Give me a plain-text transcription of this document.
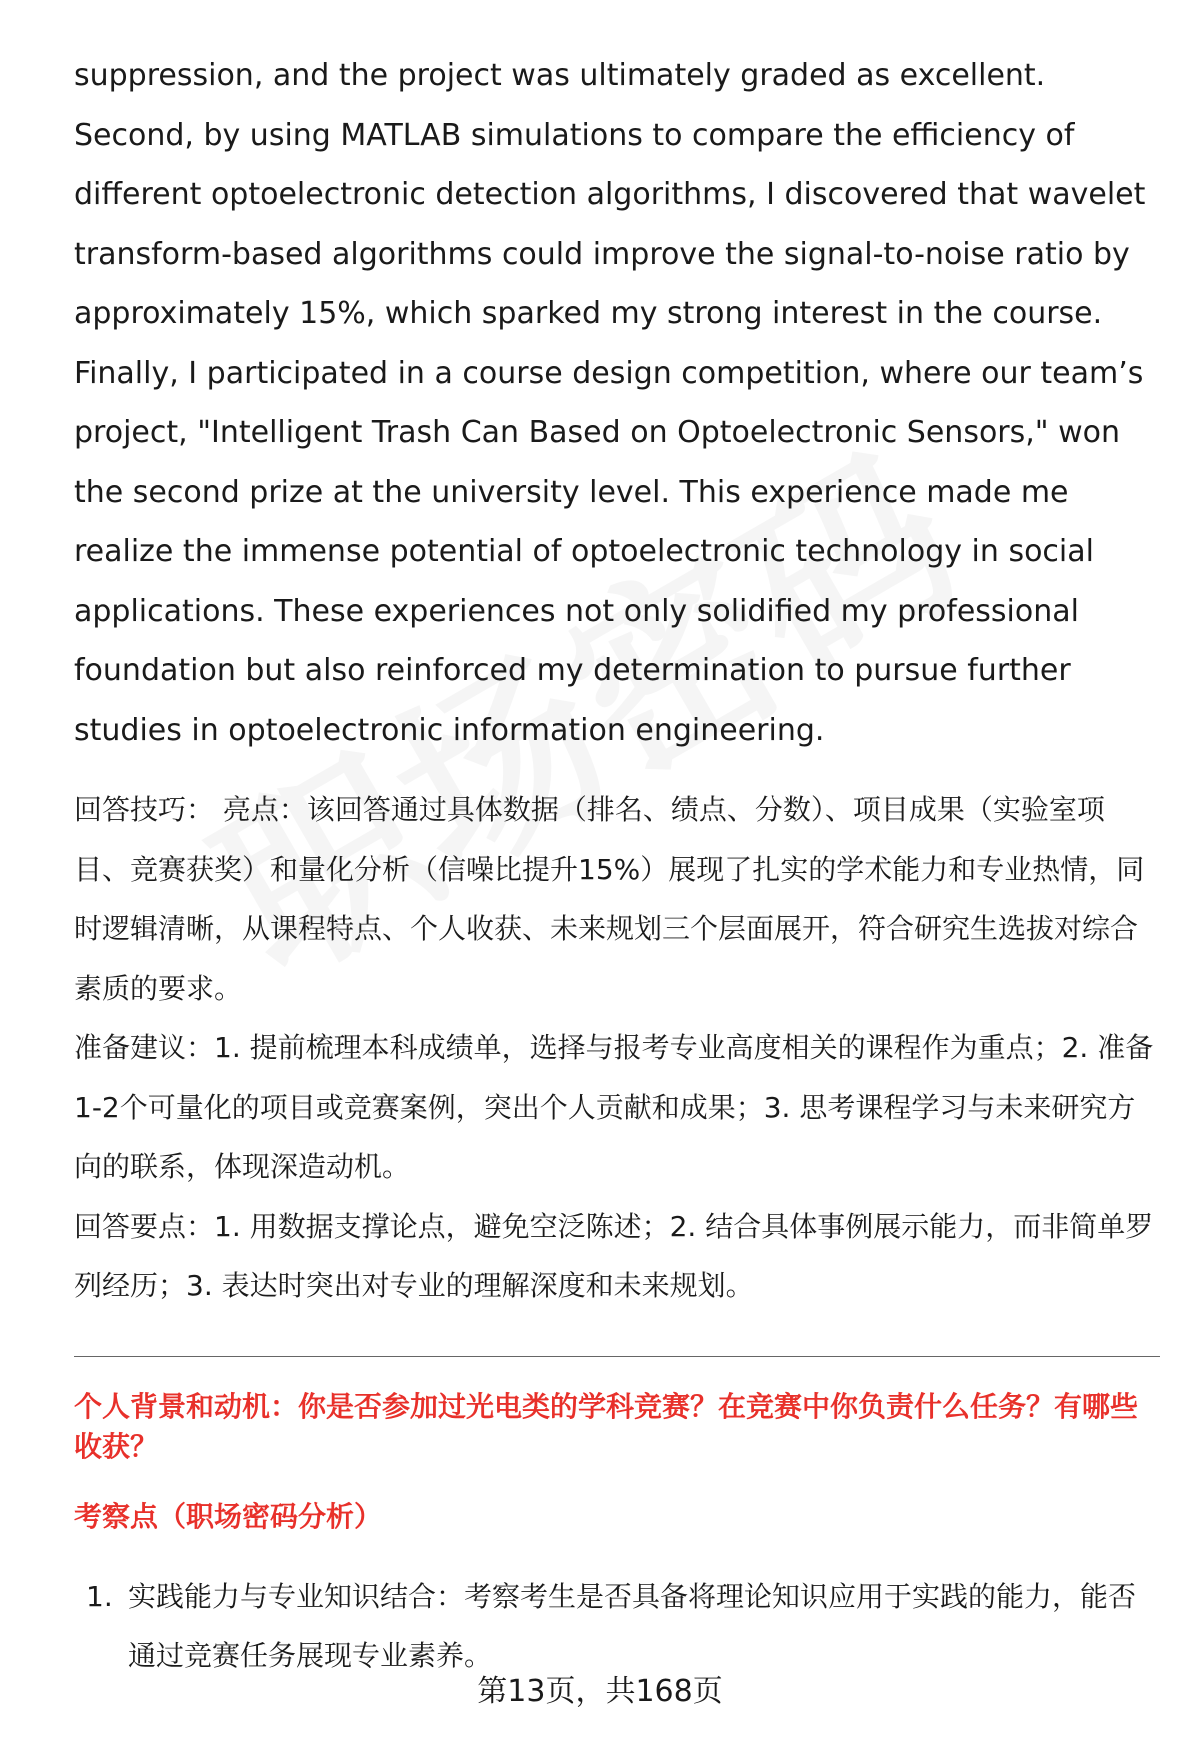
suppression, and the project was ultimately graded as excellent. Second, by using MATLAB simulations to compare the efficiency of different optoelectronic detection algorithms, I discovered that wavelet transform-based algorithms could improve the signal-to-noise ratio by approximately 15%, which sparked my strong interest in the course. Finally, I participated in a course design competition, where our team’s project, "Intelligent Trash Can Based on Optoelectronic Sensors," won the second prize at the university level. This experience made me realize the immense potential of optoelectronic technology in social applications. These experiences not only solidified my professional foundation but also reinforced my determination to pursue further studies in optoelectronic information engineering.

回答技巧： 亮点：该回答通过具体数据（排名、绩点、分数）、项目成果（实验室项目、竞赛获奖）和量化分析（信噪比提升15%）展现了扎实的学术能力和专业热情，同时逻辑清晰，从课程特点、个人收获、未来规划三个层面展开，符合研究生选拔对综合素质的要求。

准备建议：1. 提前梳理本科成绩单，选择与报考专业高度相关的课程作为重点；2. 准备1-2个可量化的项目或竞赛案例，突出个人贡献和成果；3. 思考课程学习与未来研究方向的联系，体现深造动机。

回答要点：1. 用数据支撑论点，避免空泛陈述；2. 结合具体事例展示能力，而非简单罗列经历；3. 表达时突出对专业的理解深度和未来规划。

个人背景和动机：你是否参加过光电类的学科竞赛？在竞赛中你负责什么任务？有哪些收获？

考察点（职场密码分析）

1. 实践能力与专业知识结合：考察考生是否具备将理论知识应用于实践的能力，能否通过竞赛任务展现专业素养。
第13页，共168页
